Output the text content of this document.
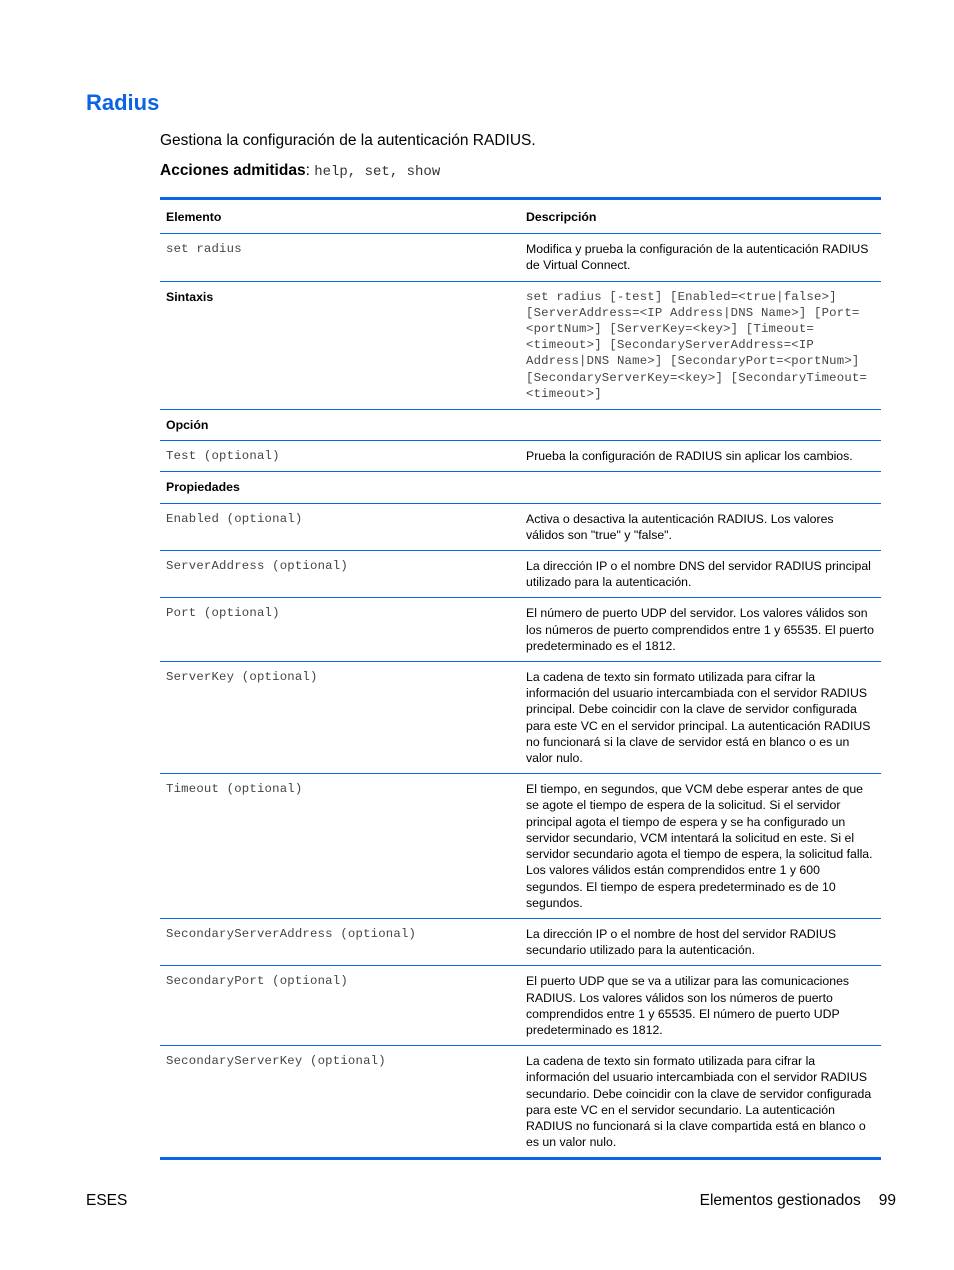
Radius

Gestiona la configuración de la autenticación RADIUS.

Acciones admitidas: help, set, show

Elemento	Descripción
set radius	Modifica y prueba la configuración de la autenticación RADIUS de Virtual Connect.
Sintaxis	set radius [-test] [Enabled=<true|false>] [ServerAddress=<IP Address|DNS Name>] [Port=<portNum>] [ServerKey=<key>] [Timeout=<timeout>] [SecondaryServerAddress=<IP Address|DNS Name>] [SecondaryPort=<portNum>] [SecondaryServerKey=<key>] [SecondaryTimeout=<timeout>]
Opción	
Test (optional)	Prueba la configuración de RADIUS sin aplicar los cambios.
Propiedades	
Enabled (optional)	Activa o desactiva la autenticación RADIUS. Los valores válidos son "true" y "false".
ServerAddress (optional)	La dirección IP o el nombre DNS del servidor RADIUS principal utilizado para la autenticación.
Port (optional)	El número de puerto UDP del servidor. Los valores válidos son los números de puerto comprendidos entre 1 y 65535. El puerto predeterminado es el 1812.
ServerKey (optional)	La cadena de texto sin formato utilizada para cifrar la información del usuario intercambiada con el servidor RADIUS principal. Debe coincidir con la clave de servidor configurada para este VC en el servidor principal. La autenticación RADIUS no funcionará si la clave de servidor está en blanco o es un valor nulo.
Timeout (optional)	El tiempo, en segundos, que VCM debe esperar antes de que se agote el tiempo de espera de la solicitud. Si el servidor principal agota el tiempo de espera y se ha configurado un servidor secundario, VCM intentará la solicitud en este. Si el servidor secundario agota el tiempo de espera, la solicitud falla. Los valores válidos están comprendidos entre 1 y 600 segundos. El tiempo de espera predeterminado es de 10 segundos.
SecondaryServerAddress (optional)	La dirección IP o el nombre de host del servidor RADIUS secundario utilizado para la autenticación.
SecondaryPort (optional)	El puerto UDP que se va a utilizar para las comunicaciones RADIUS. Los valores válidos son los números de puerto comprendidos entre 1 y 65535. El número de puerto UDP predeterminado es 1812.
SecondaryServerKey (optional)	La cadena de texto sin formato utilizada para cifrar la información del usuario intercambiada con el servidor RADIUS secundario. Debe coincidir con la clave de servidor configurada para este VC en el servidor secundario. La autenticación RADIUS no funcionará si la clave compartida está en blanco o es un valor nulo.

ESES	Elementos gestionados 99
